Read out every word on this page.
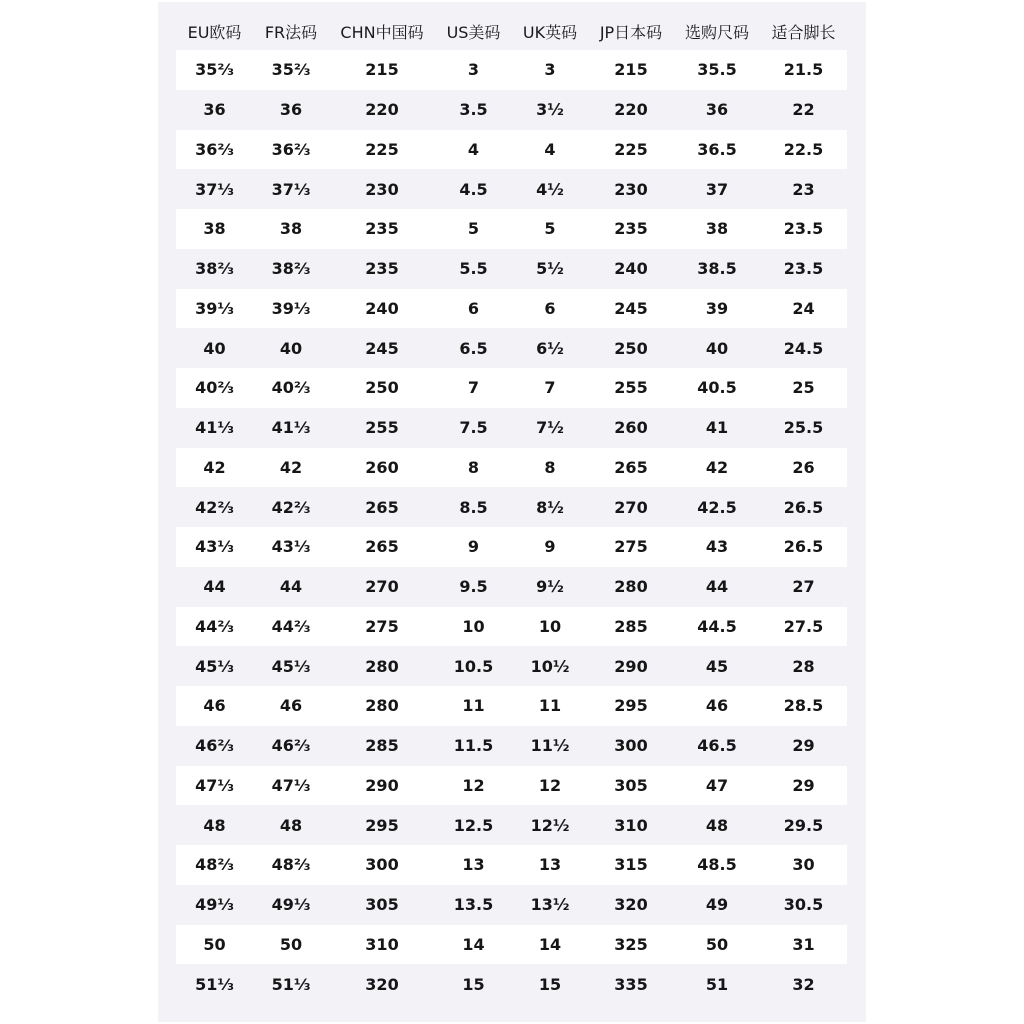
EU欧码	FR法码	CHN中国码	US美码	UK英码	JP日本码	选购尺码	适合脚长
35⅔	35⅔	215	3	3	215	35.5	21.5
36	36	220	3.5	3½	220	36	22
36⅔	36⅔	225	4	4	225	36.5	22.5
37⅓	37⅓	230	4.5	4½	230	37	23
38	38	235	5	5	235	38	23.5
38⅔	38⅔	235	5.5	5½	240	38.5	23.5
39⅓	39⅓	240	6	6	245	39	24
40	40	245	6.5	6½	250	40	24.5
40⅔	40⅔	250	7	7	255	40.5	25
41⅓	41⅓	255	7.5	7½	260	41	25.5
42	42	260	8	8	265	42	26
42⅔	42⅔	265	8.5	8½	270	42.5	26.5
43⅓	43⅓	265	9	9	275	43	26.5
44	44	270	9.5	9½	280	44	27
44⅔	44⅔	275	10	10	285	44.5	27.5
45⅓	45⅓	280	10.5	10½	290	45	28
46	46	280	11	11	295	46	28.5
46⅔	46⅔	285	11.5	11½	300	46.5	29
47⅓	47⅓	290	12	12	305	47	29
48	48	295	12.5	12½	310	48	29.5
48⅔	48⅔	300	13	13	315	48.5	30
49⅓	49⅓	305	13.5	13½	320	49	30.5
50	50	310	14	14	325	50	31
51⅓	51⅓	320	15	15	335	51	32
